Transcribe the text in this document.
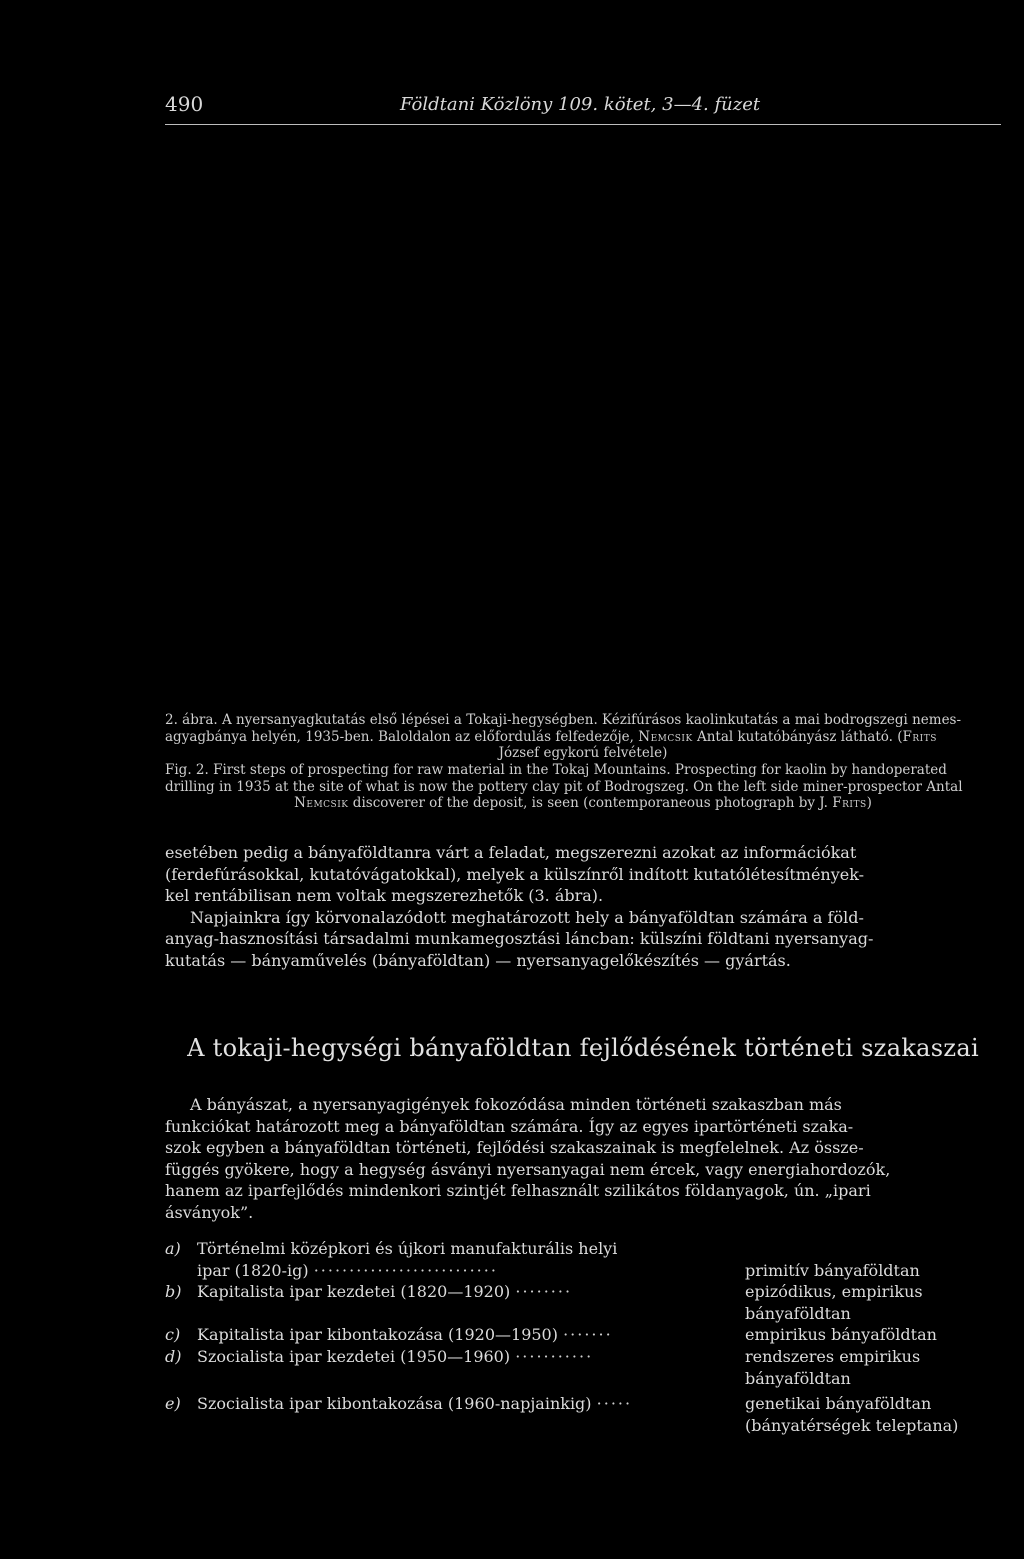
490	Földtani Közlöny 109. kötet, 3—4. füzet
2. ábra. A nyersanyagkutatás első lépései a Tokaji-hegységben. Kézifúrásos kaolinkutatás a mai bodrogszegi nemes-
agyagbánya helyén, 1935-ben. Baloldalon az előfordulás felfedezője, Nemcsik Antal kutatóbányász látható. (Frits
József egykorú felvétele)
Fig. 2. First steps of prospecting for raw material in the Tokaj Mountains. Prospecting for kaolin by handoperated
drilling in 1935 at the site of what is now the pottery clay pit of Bodrogszeg. On the left side miner-prospector Antal
Nemcsik discoverer of the deposit, is seen (contemporaneous photograph by J. Frits)
esetében pedig a bányaföldtanra várt a feladat, megszerezni azokat az információkat
(ferdefúrásokkal, kutatóvágatokkal), melyek a külszínről indított kutatólétesítmények-
kel rentábilisan nem voltak megszerezhetők (3. ábra).
Napjainkra így körvonalazódott meghatározott hely a bányaföldtan számára a föld-
anyag-hasznosítási társadalmi munkamegosztási láncban: külszíni földtani nyersanyag-
kutatás — bányaművelés (bányaföldtan) — nyersanyagelőkészítés — gyártás.
A tokaji-hegységi bányaföldtan fejlődésének történeti szakaszai
A bányászat, a nyersanyagigények fokozódása minden történeti szakaszban más
funkciókat határozott meg a bányaföldtan számára. Így az egyes ipartörténeti szaka-
szok egyben a bányaföldtan történeti, fejlődési szakaszainak is megfelelnek. Az össze-
függés gyökere, hogy a hegység ásványi nyersanyagai nem ércek, vagy energiahordozók,
hanem az iparfejlődés mindenkori szintjét felhasznált szilikátos földanyagok, ún. „ipari
ásványok”.
a) Történelmi középkori és újkori manufakturális helyi
ipar (1820-ig) ··························	primitív bányaföldtan
b) Kapitalista ipar kezdetei (1820—1920) ········	epizódikus, empirikus
bányaföldtan
c) Kapitalista ipar kibontakozása (1920—1950) ·······	empirikus bányaföldtan
d) Szocialista ipar kezdetei (1950—1960) ···········	rendszeres empirikus
bányaföldtan
e) Szocialista ipar kibontakozása (1960-napjainkig) ·····	genetikai bányaföldtan
(bányatérségek teleptana)
